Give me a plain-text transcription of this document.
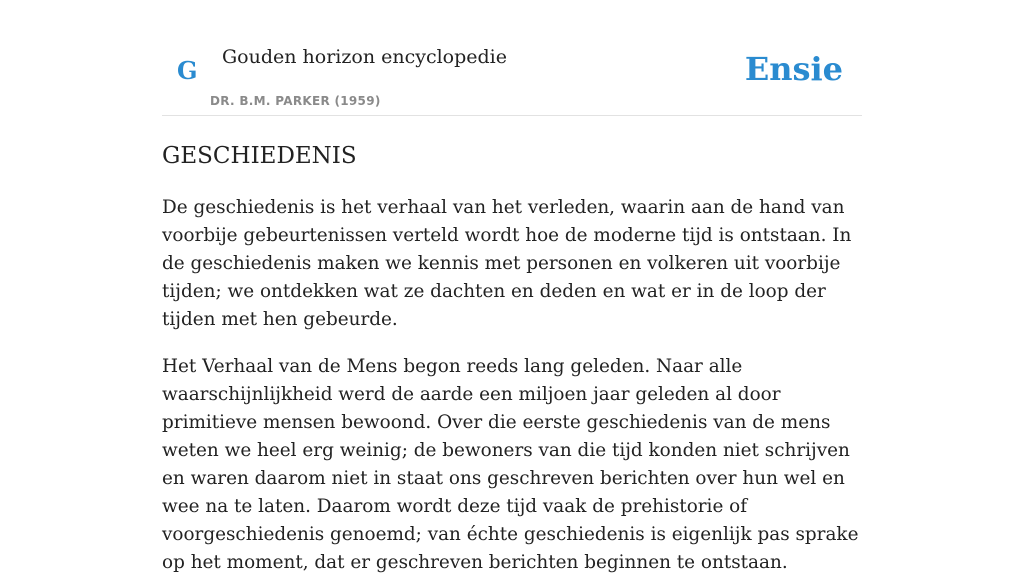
G Gouden horizon encyclopedie
DR. B.M. PARKER (1959)
Ensie
GESCHIEDENIS

De geschiedenis is het verhaal van het verleden, waarin aan de hand van voorbije gebeurtenissen verteld wordt hoe de moderne tijd is ontstaan. In de geschiedenis maken we kennis met personen en volkeren uit voorbije tijden; we ontdekken wat ze dachten en deden en wat er in de loop der tijden met hen gebeurde.

Het Verhaal van de Mens begon reeds lang geleden. Naar alle waarschijnlijkheid werd de aarde een miljoen jaar geleden al door primitieve mensen bewoond. Over die eerste geschiedenis van de mens weten we heel erg weinig; de bewoners van die tijd konden niet schrijven en waren daarom niet in staat ons geschreven berichten over hun wel en wee na te laten. Daarom wordt deze tijd vaak de prehistorie of voorgeschiedenis genoemd; van échte geschiedenis is eigenlijk pas sprake op het moment, dat er geschreven berichten beginnen te ontstaan.
